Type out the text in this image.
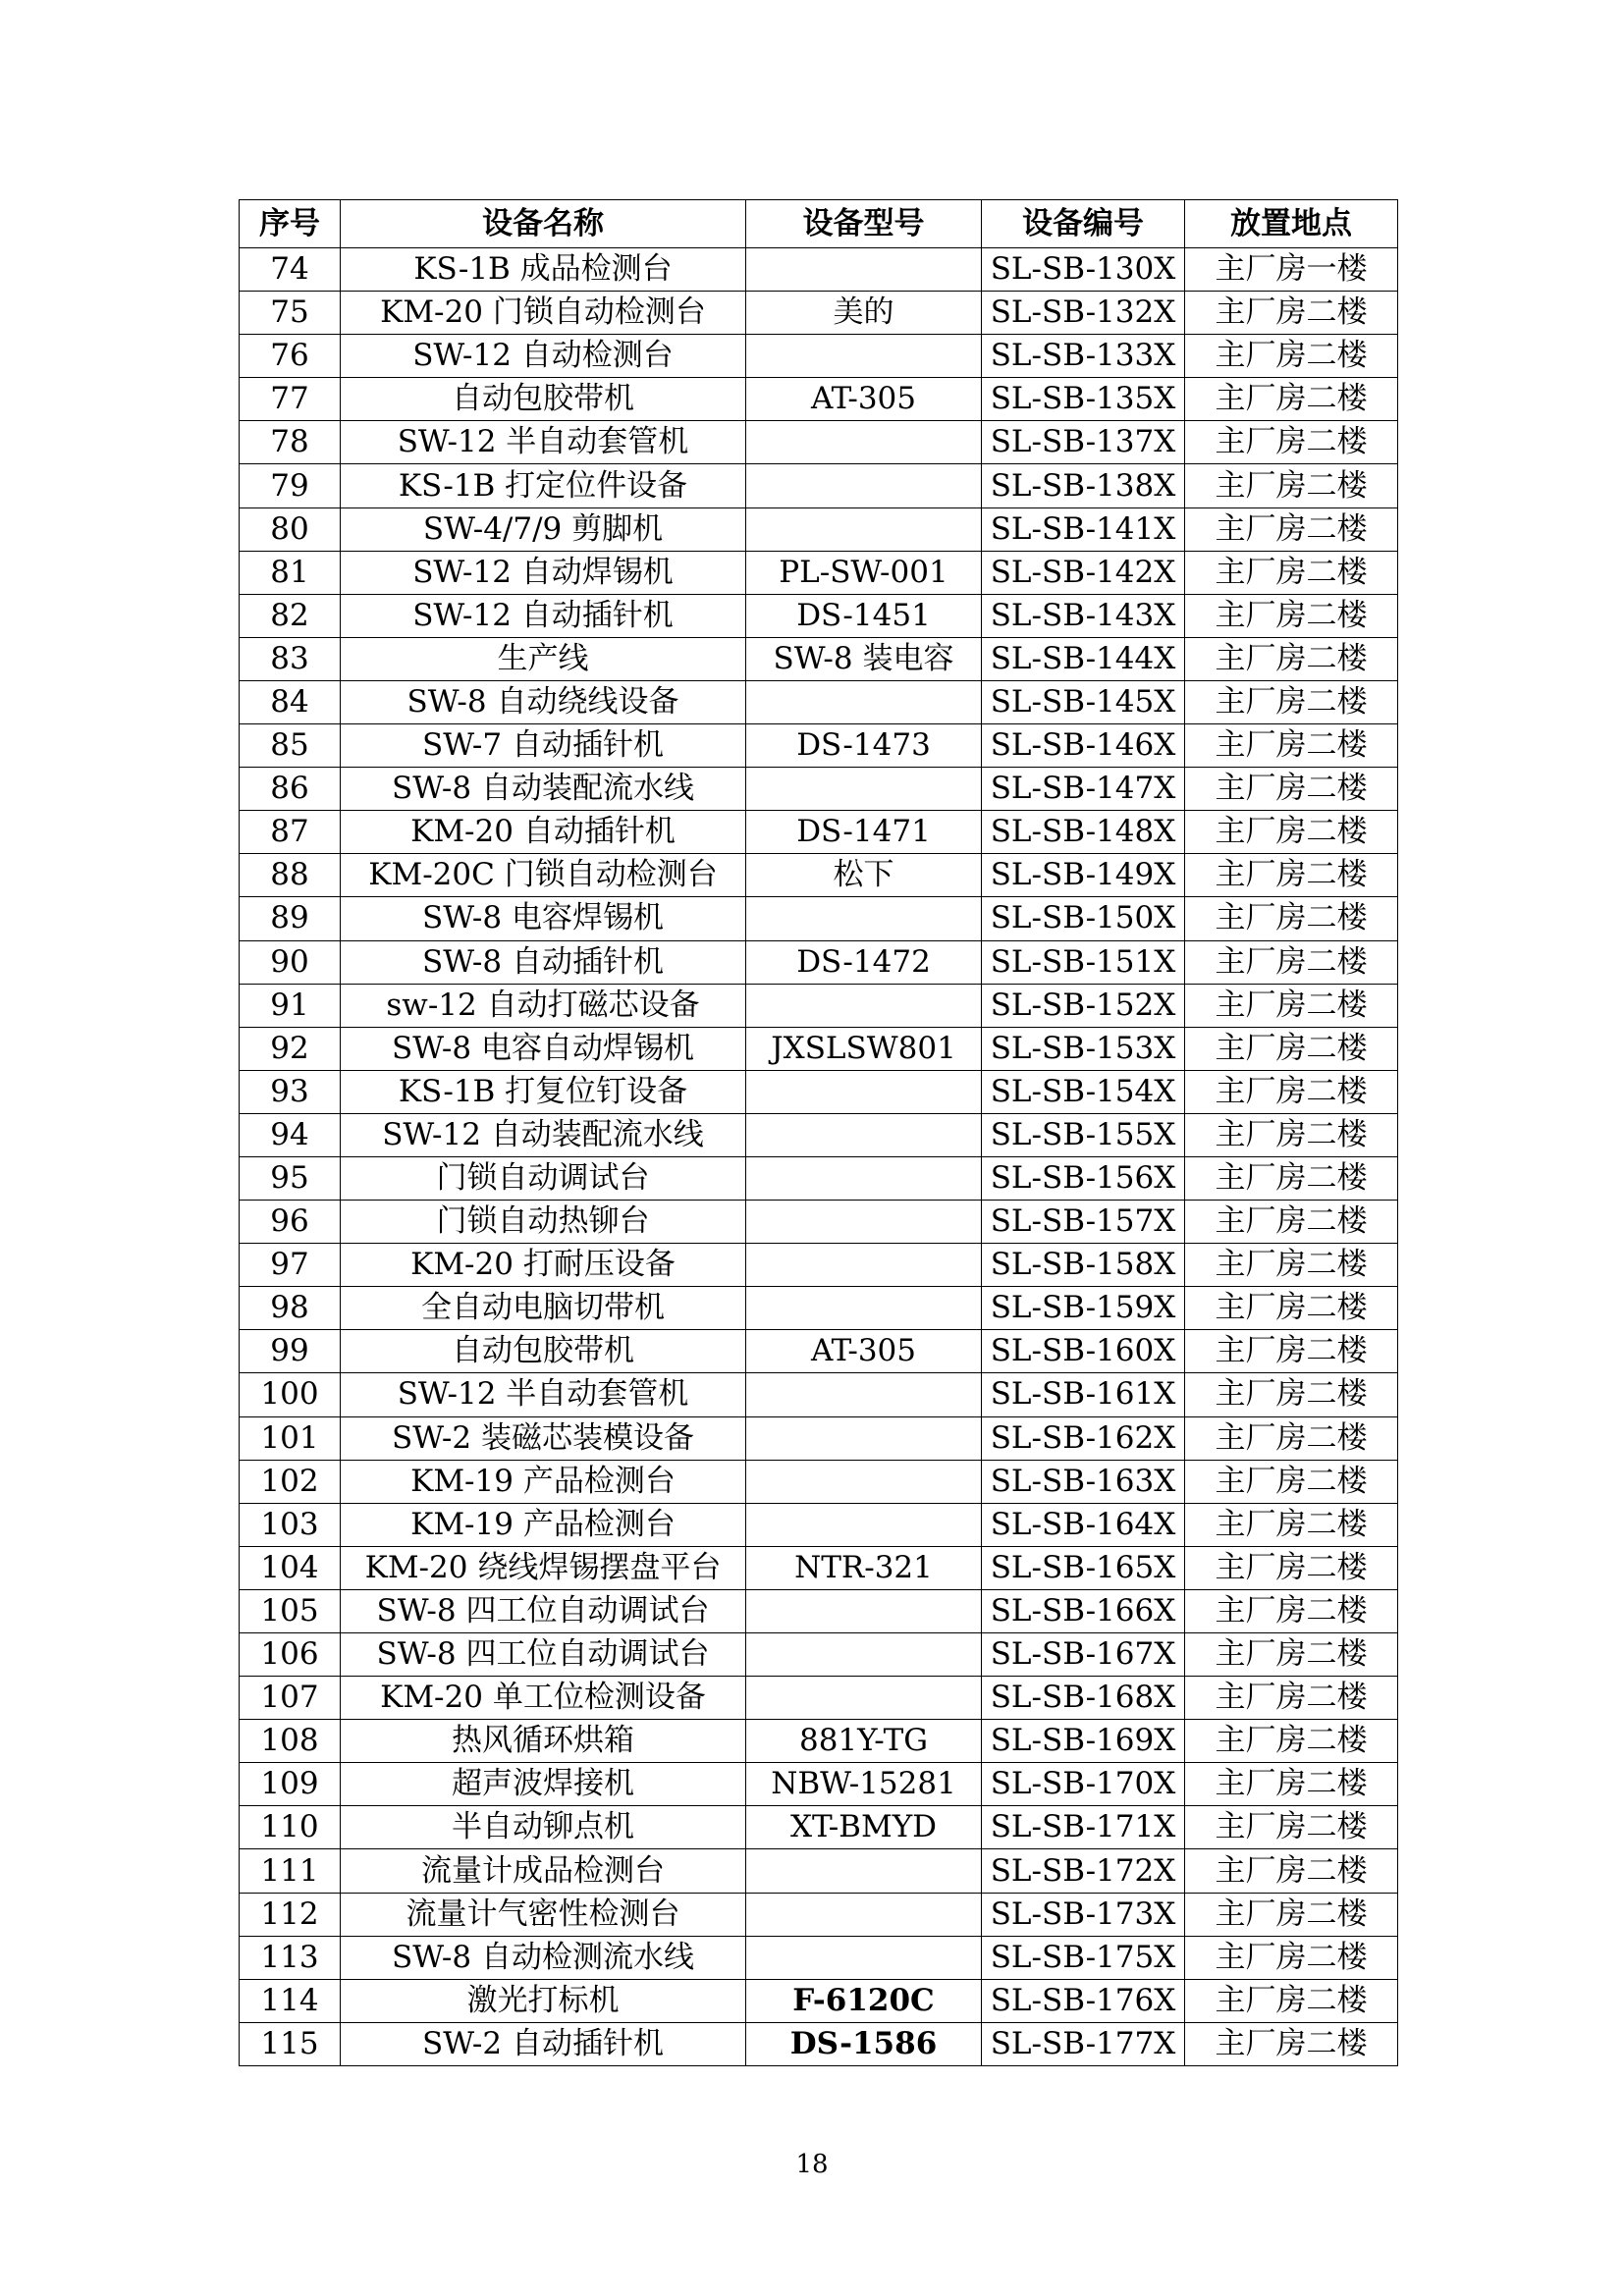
序号	设备名称	设备型号	设备编号	放置地点
74	KS-1B 成品检测台		SL-SB-130X	主厂房一楼
75	KM-20 门锁自动检测台	美的	SL-SB-132X	主厂房二楼
76	SW-12 自动检测台		SL-SB-133X	主厂房二楼
77	自动包胶带机	AT-305	SL-SB-135X	主厂房二楼
78	SW-12 半自动套管机		SL-SB-137X	主厂房二楼
79	KS-1B 打定位件设备		SL-SB-138X	主厂房二楼
80	SW-4/7/9 剪脚机		SL-SB-141X	主厂房二楼
81	SW-12 自动焊锡机	PL-SW-001	SL-SB-142X	主厂房二楼
82	SW-12 自动插针机	DS-1451	SL-SB-143X	主厂房二楼
83	生产线	SW-8 装电容	SL-SB-144X	主厂房二楼
84	SW-8 自动绕线设备		SL-SB-145X	主厂房二楼
85	SW-7 自动插针机	DS-1473	SL-SB-146X	主厂房二楼
86	SW-8 自动装配流水线		SL-SB-147X	主厂房二楼
87	KM-20 自动插针机	DS-1471	SL-SB-148X	主厂房二楼
88	KM-20C 门锁自动检测台	松下	SL-SB-149X	主厂房二楼
89	SW-8 电容焊锡机		SL-SB-150X	主厂房二楼
90	SW-8 自动插针机	DS-1472	SL-SB-151X	主厂房二楼
91	sw-12 自动打磁芯设备		SL-SB-152X	主厂房二楼
92	SW-8 电容自动焊锡机	JXSLSW801	SL-SB-153X	主厂房二楼
93	KS-1B 打复位钉设备		SL-SB-154X	主厂房二楼
94	SW-12 自动装配流水线		SL-SB-155X	主厂房二楼
95	门锁自动调试台		SL-SB-156X	主厂房二楼
96	门锁自动热铆台		SL-SB-157X	主厂房二楼
97	KM-20 打耐压设备		SL-SB-158X	主厂房二楼
98	全自动电脑切带机		SL-SB-159X	主厂房二楼
99	自动包胶带机	AT-305	SL-SB-160X	主厂房二楼
100	SW-12 半自动套管机		SL-SB-161X	主厂房二楼
101	SW-2 装磁芯装模设备		SL-SB-162X	主厂房二楼
102	KM-19 产品检测台		SL-SB-163X	主厂房二楼
103	KM-19 产品检测台		SL-SB-164X	主厂房二楼
104	KM-20 绕线焊锡摆盘平台	NTR-321	SL-SB-165X	主厂房二楼
105	SW-8 四工位自动调试台		SL-SB-166X	主厂房二楼
106	SW-8 四工位自动调试台		SL-SB-167X	主厂房二楼
107	KM-20 单工位检测设备		SL-SB-168X	主厂房二楼
108	热风循环烘箱	881Y-TG	SL-SB-169X	主厂房二楼
109	超声波焊接机	NBW-15281	SL-SB-170X	主厂房二楼
110	半自动铆点机	XT-BMYD	SL-SB-171X	主厂房二楼
111	流量计成品检测台		SL-SB-172X	主厂房二楼
112	流量计气密性检测台		SL-SB-173X	主厂房二楼
113	SW-8 自动检测流水线		SL-SB-175X	主厂房二楼
114	激光打标机	F-6120C	SL-SB-176X	主厂房二楼
115	SW-2 自动插针机	DS-1586	SL-SB-177X	主厂房二楼
18
